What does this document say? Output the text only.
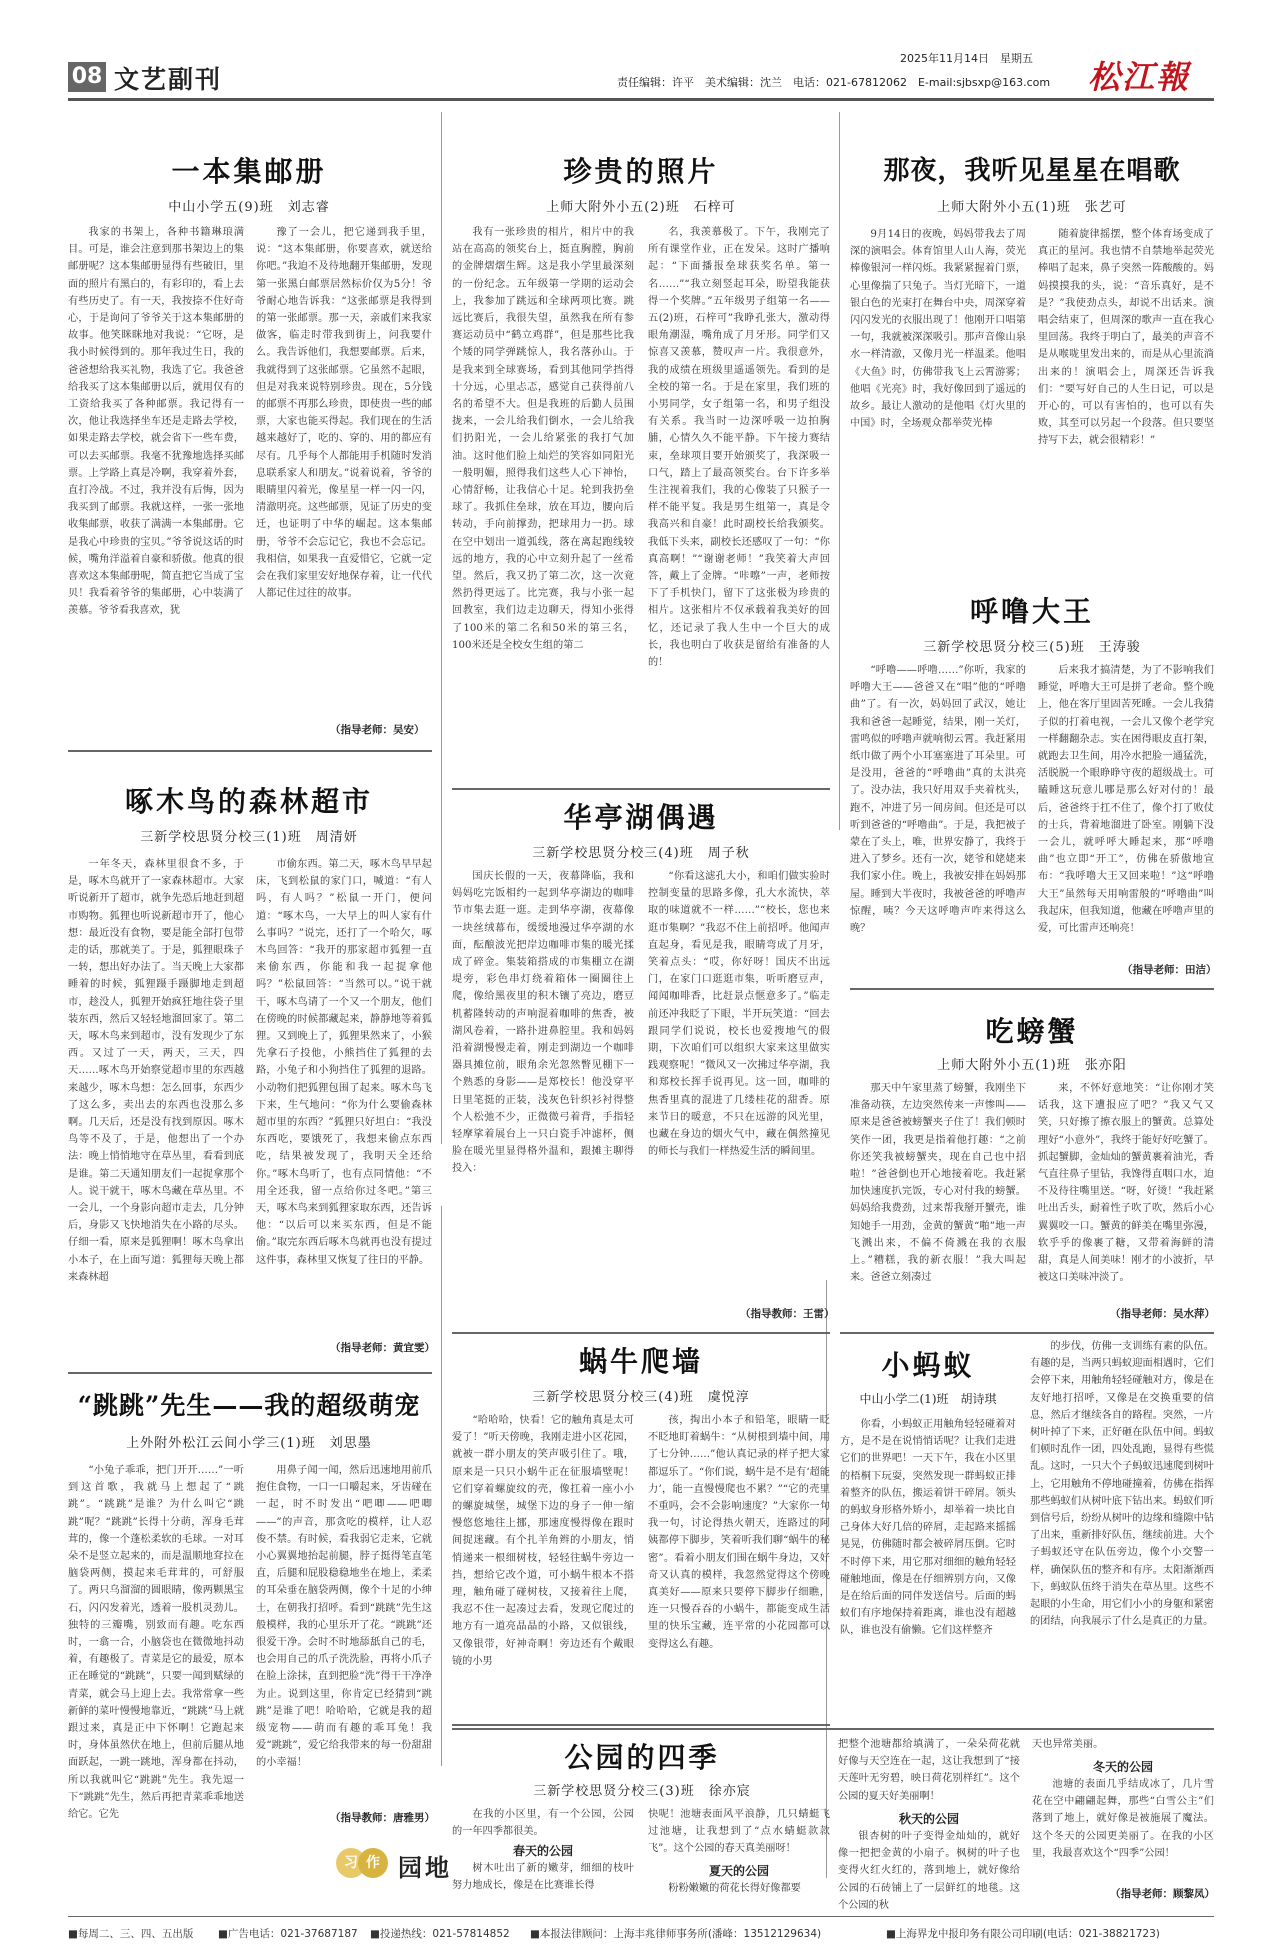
08 文艺副刊
2025年11月14日　星期五
责任编辑：许平　美术编辑：沈兰　电话：021-67812062　E-mail:sjbsxp@163.com 松江報
一本集邮册
中山小学五(9)班　刘志睿

我家的书架上，各种书籍琳琅满目。可是，谁会注意到那书架边上的集邮册呢？这本集邮册显得有些破旧，里面的照片有黑白的，有彩印的，看上去有些历史了。有一天，我按捺不住好奇心，于是询问了爷爷关于这本集邮册的故事。他笑眯眯地对我说：“它呀，是我小时候得到的。那年我过生日，我的爸爸想给我买礼物，我选了它。我爸爸给我买了这本集邮册以后，就用仅有的工资给我买了各种邮票。我记得有一次，他让我选择坐车还是走路去学校，如果走路去学校，就会省下一些车费，可以去买邮票。我毫不犹豫地选择买邮票。上学路上真是冷啊，我穿着外套，直打冷战。不过，我并没有后悔，因为我买到了邮票。我就这样，一张一张地收集邮票，收获了满满一本集邮册。它是我心中珍贵的宝贝。”爷爷说这话的时候，嘴角洋溢着自豪和骄傲。他真的很喜欢这本集邮册呢，简直把它当成了宝贝！我看着爷爷的集邮册，心中装满了羡慕。爷爷看我喜欢，犹

豫了一会儿，把它递到我手里，说：“这本集邮册，你要喜欢，就送给你吧。”我迫不及待地翻开集邮册，发现第一张黑白邮票居然标价仅为5分！爷爷耐心地告诉我：“这张邮票是我得到的第一张邮票。那一天，亲戚们来我家做客，临走时带我到街上，问我要什么。我告诉他们，我想要邮票。后来，我就得到了这张邮票。它虽然不起眼，但是对我来说特别珍贵。现在，5分钱的邮票不再那么珍贵，即使贵一些的邮票，大家也能买得起。我们现在的生活越来越好了，吃的、穿的、用的都应有尽有。几乎每个人都能用手机随时发消息联系家人和朋友。”说着说着，爷爷的眼睛里闪着光，像星星一样一闪一闪，清澈明亮。这些邮票，见证了历史的变迁，也证明了中华的崛起。这本集邮册，爷爷不会忘记它，我也不会忘记。我相信，如果我一直爱惜它，它就一定会在我们家里安好地保存着，让一代代人都记住过往的故事。

（指导老师：吴安）
啄木鸟的森林超市
三新学校思贤分校三(1)班　周清妍

一年冬天，森林里很食不多，于是，啄木鸟就开了一家森林超市。大家听说新开了超市，就争先恐后地赶到超市购物。狐狸也听说新超市开了，他心想：最近没有食物，要是能全部打包带走的话，那就美了。于是，狐狸眼珠子一转，想出好办法了。当天晚上大家都睡着的时候，狐狸蹑手蹑脚地走到超市，趁没人，狐狸开始疯狂地往袋子里装东西，然后又轻轻地溜回家了。第二天，啄木鸟来到超市，没有发现少了东西。又过了一天，两天，三天，四天……啄木鸟开始察觉超市里的东西越来越少，啄木鸟想：怎么回事，东西少了这么多，卖出去的东西也没那么多啊。几天后，还是没有找到原因。啄木鸟等不及了，于是，他想出了一个办法：晚上悄悄地守在草丛里，看看到底是谁。第二天通知朋友们一起捉拿那个人。说干就干，啄木鸟藏在草丛里。不一会儿，一个身影向超市走去，几分钟后，身影又飞快地消失在小路的尽头。仔细一看，原来是狐狸啊！啄木鸟拿出小本子，在上面写道：狐狸每天晚上都来森林超

市偷东西。第二天，啄木鸟早早起床，飞到松鼠的家门口，喊道：“有人吗，有人吗？”松鼠一开门，便问道：“啄木鸟，一大早上的叫人家有什么事吗？”说完，还打了一个哈欠，啄木鸟回答：“我开的那家超市狐狸一直来偷东西，你能和我一起捉拿他吗？”松鼠回答：“当然可以。”说干就干，啄木鸟请了一个又一个朋友，他们在傍晚的时候都藏起来，静静地等着狐狸。又到晚上了，狐狸果然来了，小猴先拿石子投他，小熊挡住了狐狸的去路，小兔子和小狗挡住了狐狸的退路。小动物们把狐狸包围了起来。啄木鸟飞下来，生气地问：“你为什么要偷森林超市里的东西？”狐狸只好坦白：“我没东西吃，要饿死了，我想来偷点东西吃，结果被发现了，我明天全还给你。”啄木鸟听了，也有点同情他：“不用全还我，留一点给你过冬吧。”第三天，啄木鸟来到狐狸家取东西，还告诉他：“以后可以来买东西，但是不能偷。”取完东西后啄木鸟就再也没有提过这件事，森林里又恢复了往日的平静。

（指导老师：黄宜雯）
“跳跳”先生——我的超级萌宠
上外附外松江云间小学三(1)班　刘思墨

“小兔子乖乖，把门开开……”一听到这首歌，我就马上想起了“跳跳”。“跳跳”是谁？为什么叫它“跳跳”呢？“跳跳”长得十分萌，浑身毛茸茸的，像一个蓬松柔软的毛球。一对耳朵不是竖立起来的，而是温顺地耷拉在脑袋两侧，摸起来毛茸茸的，可舒服了。两只乌溜溜的圆眼睛，像两颗黑宝石，闪闪发着光，透着一股机灵劲儿。独特的三瓣嘴，别致而有趣。吃东西时，一翕一合，小脑袋也在微微地抖动着，有趣极了。青菜是它的最爱，原本正在睡觉的“跳跳”，只要一闻到赋绿的青菜，就会马上迎上去。我常常拿一些新鲜的菜叶慢慢地靠近，“跳跳”马上就跟过来，真是正中下怀啊！它跑起来时，身体虽然伏在地上，但前后腿从地面跃起，一跳一跳地，浑身都在抖动，所以我就叫它“跳跳”先生。我先逗一下“跳跳”先生，然后再把青菜乖乖地送给它。它先

用鼻子闻一闻，然后迅速地用前爪抱住食物，一口一口嚼起来，牙齿碰在一起，时不时发出“吧唧——吧唧——”的声音，那贪吃的模样，让人忍俊不禁。有时候，看我弱它走来，它就小心翼翼地抬起前腿，脖子挺得笔直笔直，后腿和屁股稳稳地坐在地上，柔柔的耳朵垂在脑袋两侧，像个十足的小绅士，在朝我打招呼。看到“跳跳”先生这般模样，我的心里乐开了花。“跳跳”还很爱干净。会时不时地舔舐自己的毛，也会用自己的爪子洗洗脸，再将小爪子在脸上涂抹，直到把脸“洗”得干干净净为止。说到这里，你肯定已经猜到“跳跳”是谁了吧！哈哈哈，它就是我的超级宠物——萌而有趣的乖耳兔！我爱“跳跳”，爱它给我带来的每一份甜甜的小幸福！

（指导教师：唐雅男）
习 作 园地
珍贵的照片
上师大附外小五(2)班　石梓可

我有一张珍贵的相片，相片中的我站在高高的领奖台上，挺直胸膛，胸前的金牌熠熠生辉。这是我小学里最深刻的一份纪念。五年级第一学期的运动会上，我参加了跳远和全球两项比赛。跳远比赛后，我很失望，虽然我在所有参赛运动员中“鹤立鸡群”，但是那些比我个矮的同学弹跳惊人，我名落孙山。于是我来到全球赛场，看到其他同学挡得十分远，心里忐忑，感觉自己获得前八名的希望不大。但是我班的后勤人员围拢来，一会儿给我们倒水，一会儿给我们扔阳光，一会儿给紧张的我打气加油。这时他们脸上灿烂的笑容如同阳光一般明媚，照得我们这些人心下神怡，心情舒畅，让我信心十足。轮到我扔垒球了。我抓住垒球，放在耳边，腰向后转动，手向前撑劲，把球用力一扔。球在空中划出一道弧线，落在离起跑线较远的地方，我的心中立刻升起了一丝希望。然后，我又扔了第二次，这一次竟然扔得更远了。比完赛，我与小张一起回教室，我们边走边聊天，得知小张得了100米的第二名和50米的第三名，100米还是全校女生组的第二

名，我羡慕极了。下午，我刚完了所有课堂作业，正在发呆。这时广播响起：“下面播报垒球获奖名单。第一名……”“我立刻竖起耳朵，盼望我能获得一个奖牌。”五年级男子组第一名——五(2)班，石梓可”我睁孔张大，激动得眼角潮湿，嘴角成了月牙形。同学们又惊喜又羡慕，赞叹声一片。我很意外，我的成绩在班级里遥遥领先。看到的是全校的第一名。于是在家里，我们班的小男同学，女子组第一名，和男子组没有关系。我当时一边深呼吸一边拍胸脯，心情久久不能平静。下午接力赛结束，垒球项目要开始颁奖了，我深吸一口气，踏上了最高领奖台。台下许多举生注视着我们，我的心像装了只猴子一样不能平复。我是男生组第一，真是令我高兴和自豪！此时副校长给我颁奖。我低下头来，副校长还感叹了一句：“你真高啊！”“谢谢老师！”我笑着大声回答，戴上了金牌。“咔嚓”一声，老师按下了手机快门，留下了这张极为珍贵的相片。这张相片不仅承载着我美好的回忆，还记录了我人生中一个巨大的成长，我也明白了收获是留给有准备的人的！

华亭湖偶遇
三新学校思贤分校三(4)班　周子秋

国庆长假的一天，夜幕降临，我和妈妈吃完饭相约一起到华亭湖边的咖啡节市集去逛一逛。走到华亭湖，夜幕像一块丝绒幕布，缓缓地漫过华亭湖的水面，酝酿波光把岸边咖啡市集的暖光揉成了碎金。集装箱搭成的市集棚立在湖堤旁，彩色串灯绕着箱体一圈圈往上爬，像给黑夜里的积木镶了亮边，磨豆机蓄隆转动的声响混着咖啡的焦香，被湖风卷着，一路扑进鼻腔里。我和妈妈沿着湖慢慢走着，刚走到湖边一个咖啡器具摊位前，眼角余光忽然瞥见棚下一个熟悉的身影——是郑校长！他没穿平日里笔挺的正装，浅灰色针织衫衬得整个人松弛不少，正微微弓着背，手指轻轻摩挲着展台上一只白瓷手冲滤杯，侧脸在暖光里显得格外温和，跟摊主聊得投入：

“你看这滤孔大小，和咱们做实验时控制变量的思路多像，孔大水流快，萃取的味道就不一样……”“校长，您也来逛市集啊？”我忍不住上前招呼。他闻声直起身，看见是我，眼睛弯成了月牙，笑着点头：“哎，你好呀！国庆不出远门，在家门口逛逛市集，听听磨豆声，闻闻咖啡香，比赶景点惬意多了。”临走前还冲我眨了下眼，半开玩笑道：“回去跟同学们说说，校长也爱搜地气的假期，下次咱们可以组织大家来这里做实践观察呢！”微风又一次拂过华亭湖，我和郑校长挥手说再见。这一回，咖啡的焦香里真的混进了几缕桂花的甜香。原来节日的暖意，不只在远游的风光里，也藏在身边的烟火气中，藏在偶然撞见的师长与我们一样热爱生活的瞬间里。

（指导教师：王雷）
蜗牛爬墙
三新学校思贤分校三(4)班　虞悦淳

“哈哈哈，快看！它的触角真是太可爱了！”听天傍晚，我刚走进小区花园，就被一群小朋友的笑声吸引住了。哦，原来是一只只小蜗牛正在征服墙壁呢！它们穿着螺旋纹的壳，像扛着一座小小的螺旋城堡，城堡下边的身子一伸一缩慢悠悠地往上挪，那速度慢得像在跟时间捉迷藏。有个扎羊角辫的小朋友，悄悄递来一根细树枝，轻轻往蜗牛旁边一挡，想给它改个道，可小蜗牛根本不搭理，触角碰了碰树枝，又接着往上爬，我忍不住一起凑过去看，发现它爬过的地方有一道亮晶晶的小路，又似银线，又像银带，好神奇啊！旁边还有个戴眼镜的小男

孩，掏出小本子和铅笔，眼睛一眨不眨地盯着蜗牛：“从树根到墙中间，用了七分钟……”他认真记录的样子把大家都逗乐了。“你们说，蜗牛是不是有‘超能力’，能一直慢慢爬也不累？”“它的壳里不重吗，会不会影响速度？”大家你一句我一句，讨论得热火朝天，连路过的阿姨都停下脚步，笑着听我们聊“蜗牛的秘密”。看着小朋友们围在蜗牛身边，又好奇又认真的模样，我忽然觉得这个傍晚真美好——原来只要停下脚步仔细瞧，连一只慢吞吞的小蜗牛，都能变成生活里的快乐宝藏，连平常的小花园都可以变得这么有趣。

那夜，我听见星星在唱歌
上师大附外小五(1)班　张艺可

9月14日的夜晚，妈妈带我去了周深的演唱会。体育馆里人山人海，荧光棒像银河一样闪烁。我紧紧握着门票，心里像揣了只兔子。当灯光暗下，一道银白色的光束打在舞台中央，周深穿着闪闪发光的衣服出现了！他刚开口唱第一句，我就被深深吸引。那声音像山泉水一样清澈，又像月光一样温柔。他唱《大鱼》时，仿佛带我飞上云霄游雾；他唱《光亮》时，我好像回到了遥远的故乡。最让人激动的是他唱《灯火里的中国》时，全场观众都举荧光棒

随着旋律摇摆，整个体育场变成了真正的星河。我也情不自禁地举起荧光棒唱了起来，鼻子突然一阵酸酸的。妈妈摸摸我的头，说：“音乐真好，是不是？”我使劲点头，却说不出话来。演唱会结束了，但周深的歌声一直在我心里回荡。我终于明白了，最美的声音不是从喉咙里发出来的，而是从心里流淌出来的！演唱会上，周深还告诉我们：“要写好自己的人生日记，可以是开心的，可以有害怕的，也可以有失败，其至可以另起一个段落。但只要坚持写下去，就会很精彩！”

呼噜大王
三新学校思贤分校三(5)班　王涛骏

“呼噜——呼噜……”你听，我家的呼噜大王——爸爸又在“唱”他的“呼噜曲”了。有一次，妈妈回了武汉，她让我和爸爸一起睡觉，结果，刚一关灯，雷鸣似的呼噜声就响彻云霄。我赶紧用纸巾做了两个小耳塞塞进了耳朵里。可是没用，爸爸的“呼噜曲”真的太洪亮了。没办法，我只好用双手夹着枕头，跑不，冲进了另一间房间。但还是可以听到爸爸的“呼噜曲”。于是，我把被子蒙在了头上，唯，世界安静了，我终于进入了梦乡。还有一次，姥爷和姥姥来我们家小住。晚上，我被安排在妈妈那屋。睡到大半夜时，我被爸爸的呼噜声惊醒，咦？今天这呼噜声咋来得这么晚？

后来我才搞清楚，为了不影响我们睡觉，呼噜大王可是拼了老命。整个晚上，他在客厅里固苦死睡。一会儿我猜子似的打着电视，一会儿又像个老学究一样翻翻杂志。实在困得眼皮直打架，就跑去卫生间，用冷水把脸一通猛洗，活脱脱一个眼睁睁守夜的超级战士。可瞌睡这玩意儿哪是那么好对付的！最后，爸爸终于扛不住了，像个打了败仗的士兵，背着地溜进了卧室。刚躺下没一会儿，就呼呼大睡起来，那“呼噜曲”也立即“开工”，仿佛在骄傲地宣布：“我呼噜大王又回来啦！”这“呼噜大王”虽然每天用响雷般的“呼噜曲”叫我起床，但我知道，他藏在呼噜声里的爱，可比雷声还响亮！

（指导老师：田洁）
吃螃蟹
上师大附外小五(1)班　张亦阳

那天中午家里蒸了螃蟹，我刚坐下准备动筷，左边突然传来一声惨叫——原来是爸爸被螃蟹夹子住了！我们顿时笑作一团，我更是指着他打趣：“之前你还笑我被螃蟹夹，现在自己也中招啦！”爸爸倒也开心地接着吃。我赶紧加快速度扒完饭，专心对付我的螃蟹。妈妈给我费劲，过来帮我掰开蟹壳，谁知她手一用劲，金黄的蟹黄“啪”地一声飞溅出来，不偏不倚溅在我的衣服上。”糟糕，我的新衣服！”我大叫起来。爸爸立刻凑过

来，不怀好意地笑：“让你刚才笑话我，这下遭报应了吧？”我又气又笑，只好擦了擦衣服上的蟹黄。总算处理好“小意外”，我终于能好好吃蟹了。抓起蟹脚，金灿灿的蟹黄裹着油光，香气直往鼻子里钻，我馋得直咽口水，迫不及待往嘴里送。“呀，好烫！”我赶紧吐出舌头，耐着性子吹了吹，然后小心翼翼咬一口。蟹黄的鲜美在嘴里弥漫，软乎乎的像裹了糖，又带着海鲜的清甜，真是人间美味！刚才的小波折，早被这口美味冲淡了。

（指导老师：吴水萍）
小蚂蚁
中山小学二(1)班　胡诗琪

你看，小蚂蚁正用触角轻轻碰着对方，是不是在说悄悄话呢？让我们走进它们的世界吧！一天下午，我在小区里的梧桐下玩耍，突然发现一群蚂蚁正排着整齐的队伍，搬运着饼干碎屑。领头的蚂蚁身形格外矫小，却举着一块比自己身体大好几倍的碎屑，走起路来摇摇晃晃，仿佛随时都会被碎屑压倒。它时不时停下来，用它那对细细的触角轻轻碰触地面，像是在仔细辨别方向，又像是在给后面的同伴发送信号。后面的蚂蚁们有序地保持着距离，谁也没有超越队，谁也没有偷懒。它们这样整齐

的步伐，仿佛一支训练有素的队伍。有趣的是，当两只蚂蚁迎面相遇时，它们会停下来，用触角轻轻碰触对方，像是在友好地打招呼，又像是在交换重要的信息，然后才继续各自的路程。突然，一片树叶掉了下来，正好砸在队伍中间。蚂蚁们顿时乱作一团，四处乱跑，显得有些慌乱。这时，一只大个子蚂蚁迅速爬到树叶上，它用触角不停地碰撞着，仿佛在指挥那些蚂蚁们从树叶底下钻出来。蚂蚁们听到信号后，纷纷从树叶的边缘和缝隙中钻了出来，重新排好队伍，继续前进。大个子蚂蚁还守在队伍旁边，像个小交警一样，确保队伍的整齐和有序。太阳渐渐西下，蚂蚁队伍终于消失在草丛里。这些不起眼的小生命，用它们小小的身躯和紧密的团结，向我展示了什么是真正的力量。

公园的四季
三新学校思贤分校三(3)班　徐亦宸

在我的小区里，有一个公园，公园的一年四季都很美。

春天的公园

树木吐出了新的嫩芽，细细的枝叶努力地成长，像是在比赛谁长得

快呢！池塘表面风平浪静，几只蜻蜓飞过池塘，让我想到了“点水蜻蜓款款飞”。这个公园的春天真美丽呀！

夏天的公园

粉粉嫩嫩的荷花长得好像都要

把整个池塘都给填满了，一朵朵荷花就好像与天空连在一起，这让我想到了“接天莲叶无穷碧，映日荷花别样红”。这个公园的夏天好美丽啊！

秋天的公园

银杏树的叶子变得金灿灿的，就好像一把把金黄的小扇子。枫树的叶子也变得火红火红的，落到地上，就好像给公园的石砖铺上了一层鲜红的地毯。这个公园的秋

天也异常美丽。

冬天的公园

池塘的表面几乎结成冰了，几片雪花在空中翩翩起舞，那些“白雪公主”们落到了地上，就好像是被施展了魔法。这个冬天的公园更美丽了。在我的小区里，我最喜欢这个“四季”公园！

（指导老师：顾黎凤）
■每周二、三、四、五出版 ■广告电话：021-37687187 ■投递热线：021-57814852 ■本报法律顾问：上海丰兆律师事务所(潘峰：13512129634)	■上海界龙中报印务有限公司印刷(电话：021-38821723)
